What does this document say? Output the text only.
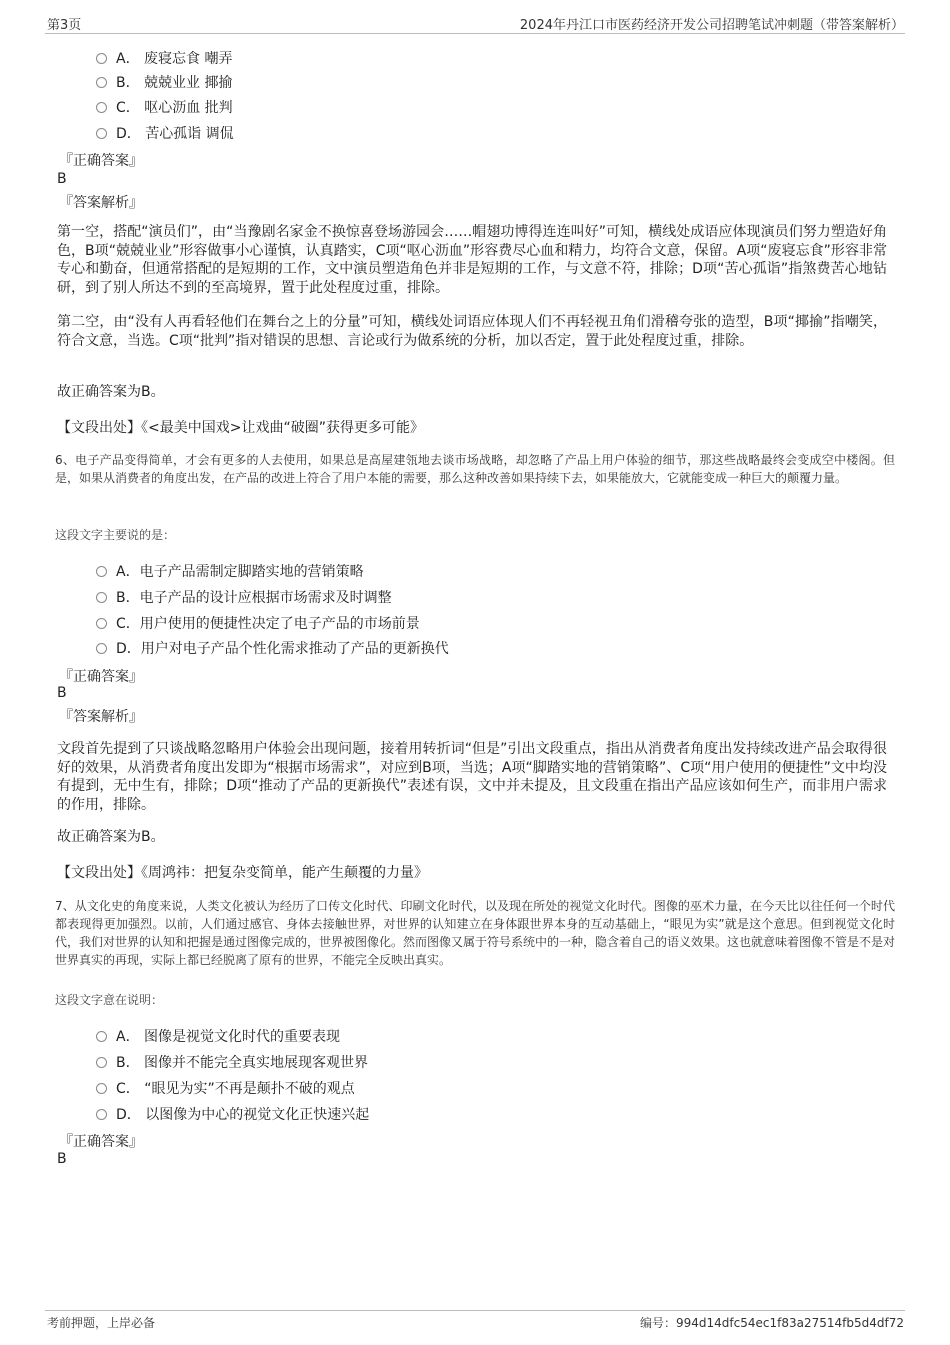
第3页	2024年丹江口市医药经济开发公司招聘笔试冲刺题（带答案解析）
A． 废寝忘食 嘲弄
B． 兢兢业业 揶揄
C． 呕心沥血 批判
D． 苦心孤诣 调侃
『正确答案』
B
『答案解析』
第一空，搭配“演员们”，由“当豫剧名家金不换惊喜登场游园会……帽翅功博得连连叫好”可知，横线处成语应体现演员们努力塑造好角色，B项“兢兢业业”形容做事小心谨慎，认真踏实，C项“呕心沥血”形容费尽心血和精力，均符合文意，保留。A项“废寝忘食”形容非常专心和勤奋，但通常搭配的是短期的工作，文中演员塑造角色并非是短期的工作，与文意不符，排除；D项“苦心孤诣”指煞费苦心地钻研，到了别人所达不到的至高境界，置于此处程度过重，排除。
第二空，由“没有人再看轻他们在舞台之上的分量”可知，横线处词语应体现人们不再轻视丑角们滑稽夸张的造型，B项“揶揄”指嘲笑，符合文意，当选。C项“批判”指对错误的思想、言论或行为做系统的分析，加以否定，置于此处程度过重，排除。
故正确答案为B。
【文段出处】《<最美中国戏>让戏曲“破圈”获得更多可能》
6、电子产品变得简单，才会有更多的人去使用，如果总是高屋建瓴地去谈市场战略，却忽略了产品上用户体验的细节，那这些战略最终会变成空中楼阁。但是，如果从消费者的角度出发，在产品的改进上符合了用户本能的需要，那么这种改善如果持续下去，如果能放大，它就能变成一种巨大的颠覆力量。
这段文字主要说的是：
A．电子产品需制定脚踏实地的营销策略
B．电子产品的设计应根据市场需求及时调整
C．用户使用的便捷性决定了电子产品的市场前景
D．用户对电子产品个性化需求推动了产品的更新换代
『正确答案』
B
『答案解析』
文段首先提到了只谈战略忽略用户体验会出现问题，接着用转折词“但是”引出文段重点，指出从消费者角度出发持续改进产品会取得很好的效果，从消费者角度出发即为“根据市场需求”，对应到B项，当选；A项“脚踏实地的营销策略”、C项“用户使用的便捷性”文中均没有提到，无中生有，排除；D项“推动了产品的更新换代”表述有误，文中并未提及，且文段重在指出产品应该如何生产，而非用户需求的作用，排除。
故正确答案为B。
【文段出处】《周鸿祎：把复杂变简单，能产生颠覆的力量》
7、从文化史的角度来说，人类文化被认为经历了口传文化时代、印刷文化时代，以及现在所处的视觉文化时代。图像的巫术力量，在今天比以往任何一个时代都表现得更加强烈。以前，人们通过感官、身体去接触世界，对世界的认知建立在身体跟世界本身的互动基础上，“眼见为实”就是这个意思。但到视觉文化时代，我们对世界的认知和把握是通过图像完成的，世界被图像化。然而图像又属于符号系统中的一种，隐含着自己的语义效果。这也就意味着图像不管是不是对世界真实的再现，实际上都已经脱离了原有的世界，不能完全反映出真实。
这段文字意在说明：
A． 图像是视觉文化时代的重要表现
B． 图像并不能完全真实地展现客观世界
C． “眼见为实”不再是颠扑不破的观点
D． 以图像为中心的视觉文化正快速兴起
『正确答案』
B
考前押题，上岸必备	编号：994d14dfc54ec1f83a27514fb5d4df72
